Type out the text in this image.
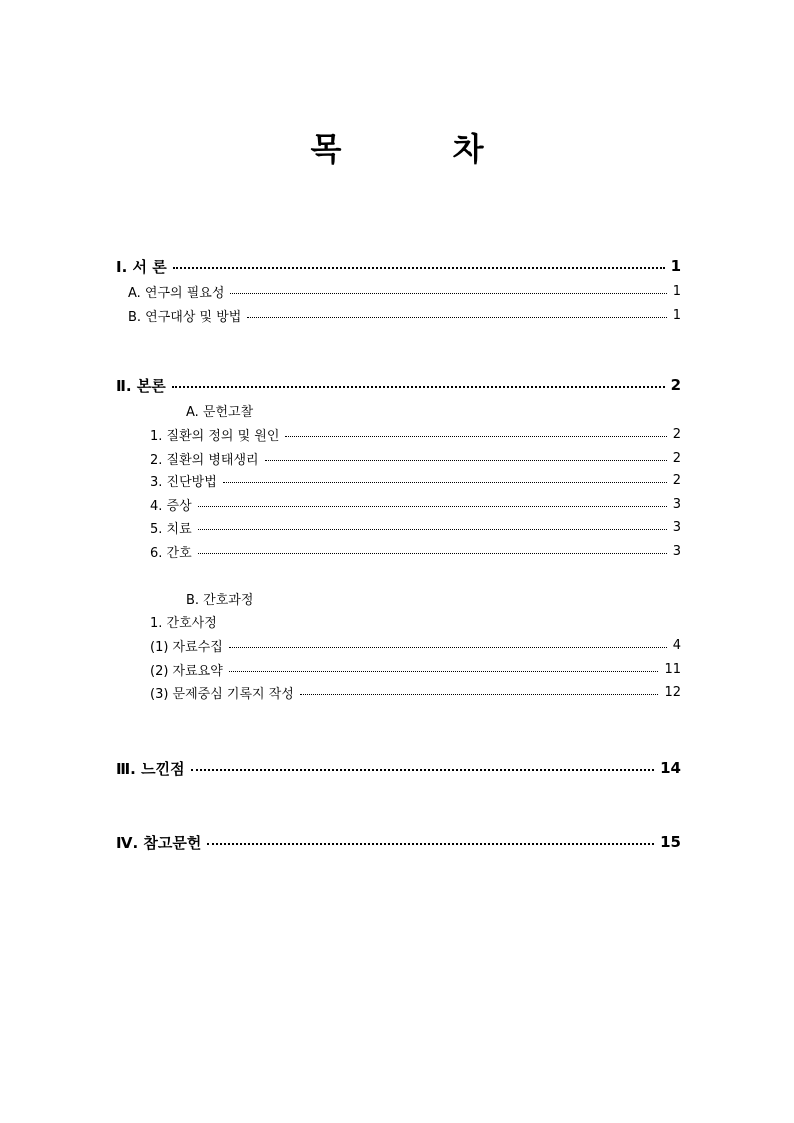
목 차
Ⅰ. 서 론	1
A. 연구의 필요성	1
B. 연구대상 및 방법	1
Ⅱ. 본론	2
A. 문헌고찰
1. 질환의 정의 및 원인	2
2. 질환의 병태생리	2
3. 진단방법	2
4. 증상	3
5. 치료	3
6. 간호	3
B. 간호과정
1. 간호사정
(1) 자료수집	4
(2) 자료요약	11
(3) 문제중심 기록지 작성	12
Ⅲ. 느낀점	14
Ⅳ. 참고문헌	15
